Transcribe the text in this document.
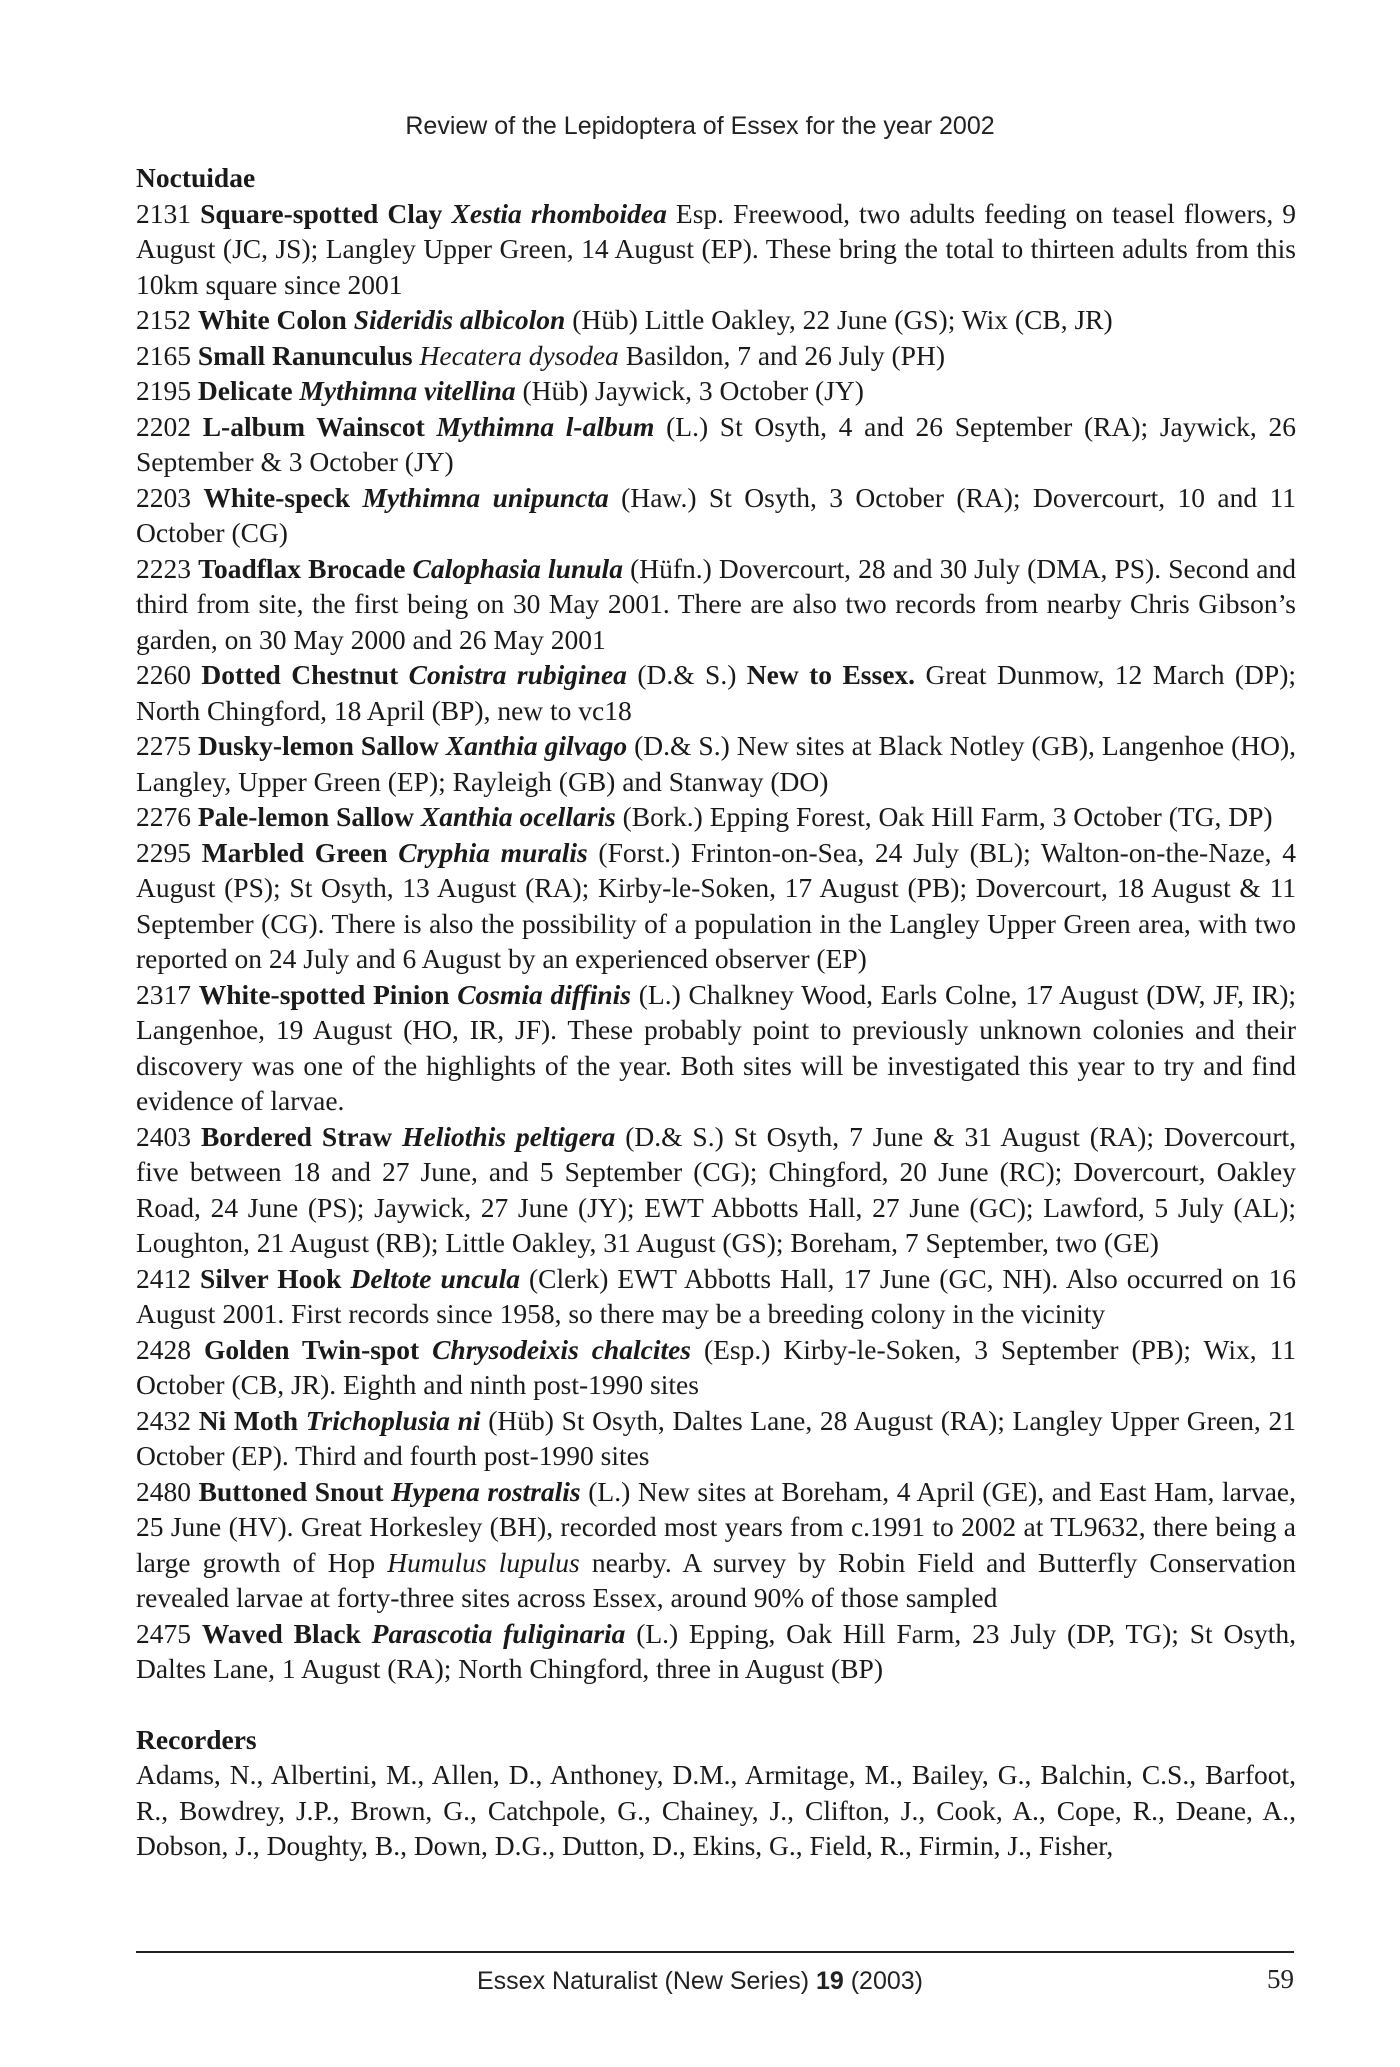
Review of the Lepidoptera of Essex for the year 2002

Noctuidae

2131 Square-spotted Clay Xestia rhomboidea Esp. Freewood, two adults feeding on teasel flowers, 9 August (JC, JS); Langley Upper Green, 14 August (EP). These bring the total to thirteen adults from this 10km square since 2001

2152 White Colon Sideridis albicolon (Hüb) Little Oakley, 22 June (GS); Wix (CB, JR)

2165 Small Ranunculus Hecatera dysodea Basildon, 7 and 26 July (PH)

2195 Delicate Mythimna vitellina (Hüb) Jaywick, 3 October (JY)

2202 L-album Wainscot Mythimna l-album (L.) St Osyth, 4 and 26 September (RA); Jaywick, 26 September & 3 October (JY)

2203 White-speck Mythimna unipuncta (Haw.) St Osyth, 3 October (RA); Dovercourt, 10 and 11 October (CG)

2223 Toadflax Brocade Calophasia lunula (Hüfn.) Dovercourt, 28 and 30 July (DMA, PS). Second and third from site, the first being on 30 May 2001. There are also two records from nearby Chris Gibson’s garden, on 30 May 2000 and 26 May 2001

2260 Dotted Chestnut Conistra rubiginea (D.& S.) New to Essex. Great Dunmow, 12 March (DP); North Chingford, 18 April (BP), new to vc18

2275 Dusky-lemon Sallow Xanthia gilvago (D.& S.) New sites at Black Notley (GB), Langenhoe (HO), Langley, Upper Green (EP); Rayleigh (GB) and Stanway (DO)

2276 Pale-lemon Sallow Xanthia ocellaris (Bork.) Epping Forest, Oak Hill Farm, 3 October (TG, DP)

2295 Marbled Green Cryphia muralis (Forst.) Frinton-on-Sea, 24 July (BL); Walton-on-the-Naze, 4 August (PS); St Osyth, 13 August (RA); Kirby-le-Soken, 17 August (PB); Dovercourt, 18 August & 11 September (CG). There is also the possibility of a population in the Langley Upper Green area, with two reported on 24 July and 6 August by an experienced observer (EP)

2317 White-spotted Pinion Cosmia diffinis (L.) Chalkney Wood, Earls Colne, 17 August (DW, JF, IR); Langenhoe, 19 August (HO, IR, JF). These probably point to previously unknown colonies and their discovery was one of the highlights of the year. Both sites will be investigated this year to try and find evidence of larvae.

2403 Bordered Straw Heliothis peltigera (D.& S.) St Osyth, 7 June & 31 August (RA); Dovercourt, five between 18 and 27 June, and 5 September (CG); Chingford, 20 June (RC); Dovercourt, Oakley Road, 24 June (PS); Jaywick, 27 June (JY); EWT Abbotts Hall, 27 June (GC); Lawford, 5 July (AL); Loughton, 21 August (RB); Little Oakley, 31 August (GS); Boreham, 7 September, two (GE)

2412 Silver Hook Deltote uncula (Clerk) EWT Abbotts Hall, 17 June (GC, NH). Also occurred on 16 August 2001. First records since 1958, so there may be a breeding colony in the vicinity

2428 Golden Twin-spot Chrysodeixis chalcites (Esp.) Kirby-le-Soken, 3 September (PB); Wix, 11 October (CB, JR). Eighth and ninth post-1990 sites

2432 Ni Moth Trichoplusia ni (Hüb) St Osyth, Daltes Lane, 28 August (RA); Langley Upper Green, 21 October (EP). Third and fourth post-1990 sites

2480 Buttoned Snout Hypena rostralis (L.) New sites at Boreham, 4 April (GE), and East Ham, larvae, 25 June (HV). Great Horkesley (BH), recorded most years from c.1991 to 2002 at TL9632, there being a large growth of Hop Humulus lupulus nearby. A survey by Robin Field and Butterfly Conservation revealed larvae at forty-three sites across Essex, around 90% of those sampled

2475 Waved Black Parascotia fuliginaria (L.) Epping, Oak Hill Farm, 23 July (DP, TG); St Osyth, Daltes Lane, 1 August (RA); North Chingford, three in August (BP)

Recorders

Adams, N., Albertini, M., Allen, D., Anthoney, D.M., Armitage, M., Bailey, G., Balchin, C.S., Barfoot, R., Bowdrey, J.P., Brown, G., Catchpole, G., Chainey, J., Clifton, J., Cook, A., Cope, R., Deane, A., Dobson, J., Doughty, B., Down, D.G., Dutton, D., Ekins, G., Field, R., Firmin, J., Fisher,

Essex Naturalist (New Series) 19 (2003)	59
